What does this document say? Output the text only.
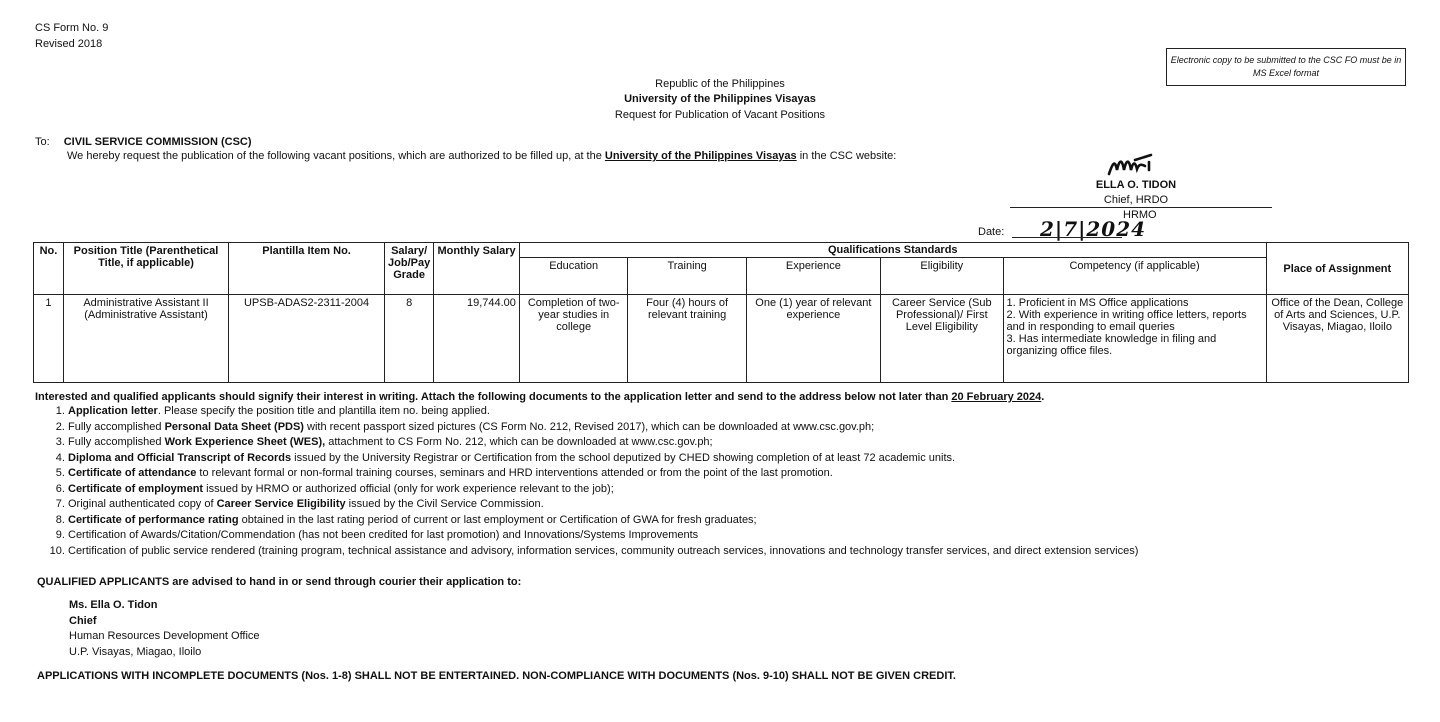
CS Form No. 9
Revised 2018
Electronic copy to be submitted to the CSC FO must be in MS Excel format
Republic of the Philippines
University of the Philippines Visayas
Request for Publication of Vacant Positions
To: CIVIL SERVICE COMMISSION (CSC)
We hereby request the publication of the following vacant positions, which are authorized to be filled up, at the University of the Philippines Visayas in the CSC website:
ELLA O. TIDON
Chief, HRDO
HRMO
Date: 2|7|2024
No.	Position Title (Parenthetical Title, if applicable)	Plantilla Item No.	Salary/ Job/Pay Grade	Monthly Salary	Qualifications Standards					Place of Assignment
					Education	Training	Experience	Eligibility	Competency (if applicable)	
1	Administrative Assistant II (Administrative Assistant)	UPSB-ADAS2-2311-2004	8	19,744.00	Completion of two-year studies in college	Four (4) hours of relevant training	One (1) year of relevant experience	Career Service (Sub Professional)/ First Level Eligibility	1. Proficient in MS Office applications
2. With experience in writing office letters, reports and in responding to email queries
3. Has intermediate knowledge in filing and organizing office files.	Office of the Dean, College of Arts and Sciences, U.P. Visayas, Miagao, Iloilo
Interested and qualified applicants should signify their interest in writing. Attach the following documents to the application letter and send to the address below not later than 20 February 2024.
1. Application letter. Please specify the position title and plantilla item no. being applied.
2. Fully accomplished Personal Data Sheet (PDS) with recent passport sized pictures (CS Form No. 212, Revised 2017), which can be downloaded at www.csc.gov.ph;
3. Fully accomplished Work Experience Sheet (WES), attachment to CS Form No. 212, which can be downloaded at www.csc.gov.ph;
4. Diploma and Official Transcript of Records issued by the University Registrar or Certification from the school deputized by CHED showing completion of at least 72 academic units.
5. Certificate of attendance to relevant formal or non-formal training courses, seminars and HRD interventions attended or from the point of the last promotion.
6. Certificate of employment issued by HRMO or authorized official (only for work experience relevant to the job);
7. Original authenticated copy of Career Service Eligibility issued by the Civil Service Commission.
8. Certificate of performance rating obtained in the last rating period of current or last employment or Certification of GWA for fresh graduates;
9. Certification of Awards/Citation/Commendation (has not been credited for last promotion) and Innovations/Systems Improvements
10. Certification of public service rendered (training program, technical assistance and advisory, information services, community outreach services, innovations and technology transfer services, and direct extension services)
QUALIFIED APPLICANTS are advised to hand in or send through courier their application to:
Ms. Ella O. Tidon
Chief
Human Resources Development Office
U.P. Visayas, Miagao, Iloilo
APPLICATIONS WITH INCOMPLETE DOCUMENTS (Nos. 1-8) SHALL NOT BE ENTERTAINED. NON-COMPLIANCE WITH DOCUMENTS (Nos. 9-10) SHALL NOT BE GIVEN CREDIT.
